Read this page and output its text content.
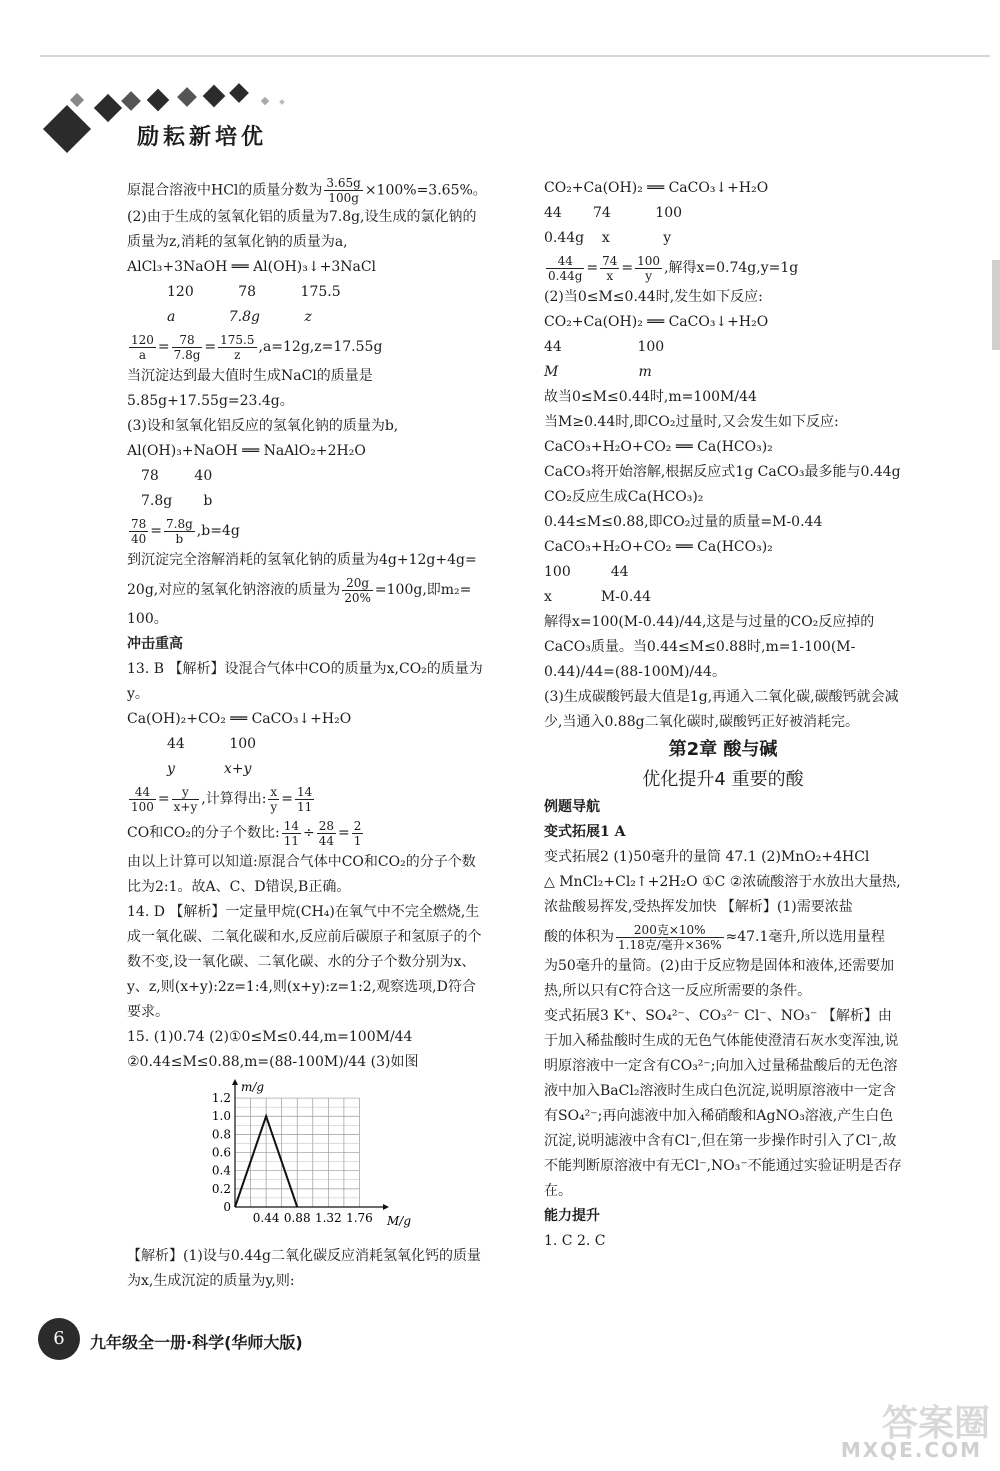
励耘新培优
原混合溶液中HCl的质量分数为 $\frac{3.65g}{100g} \times 100\%=3.65\%$。
(2)由于生成的氢氧化铝的质量为7.8g,设生成的氯化钠的质量为z,消耗的氢氧化钠的质量为a,
AlCl₃+3NaOH ══ Al(OH)₃↓+3NaCl
120          78          175.5
a            7.8g          z
$\frac{120}{a} = \frac{78}{7.8g} = \frac{175.5}{z} ,a=12g,z=17.55g$
当沉淀达到最大值时生成NaCl的质量是5.85g+17.55g=23.4g。
(3)设和氢氧化铝反应的氢氧化钠的质量为b,
Al(OH)₃+NaOH ══ NaAlO₂+2H₂O
78        40
7.8g       b
$\frac{78}{40} = \frac{7.8g}{b} ,b=4g$
到沉淀完全溶解消耗的氢氧化钠的质量为4g+12g+4g=
20g,对应的氢氧化钠溶液的质量为 $\frac{20g}{20\%} =100g$,即m₂=
100。
冲击重高
13. B 【解析】设混合气体中CO的质量为x,CO₂的质量为y。
Ca(OH)₂+CO₂ ══ CaCO₃↓+H₂O
44          100
y           x+y
$\frac{44}{100} = \frac{y}{x+y}$ ,计算得出: $\frac{x}{y} = \frac{14}{11}$
CO和CO₂的分子个数比: $\frac{14}{11} \div \frac{28}{44} = \frac{2}{1}$
由以上计算可以知道:原混合气体中CO和CO₂的分子个数比为2:1。故A、C、D错误,B正确。
14. D 【解析】一定量甲烷(CH₄)在氧气中不完全燃烧,生成一氧化碳、二氧化碳和水,反应前后碳原子和氢原子的个数不变,设一氧化碳、二氧化碳、水的分子个数分别为x、y、z,则(x+y):2z=1:4,则(x+y):z=1:2,观察选项,D符合要求。
15. (1)0.74 (2)①0≤M≤0.44,m=100M/44 ②0.44≤M≤0.88,m=(88-100M)/44 (3)如图
0
0.2
0.4
0.6
0.8
1.0
1.2
0.44 0.88 1.32 1.76
m/g
M/g
【解析】(1)设与0.44g二氧化碳反应消耗氢氧化钙的质量为x,生成沉淀的质量为y,则:
CO₂+Ca(OH)₂ ══ CaCO₃↓+H₂O
44       74          100
0.44g    x            y
$\frac{44}{0.44g} = \frac{74}{x} = \frac{100}{y}$ ,解得x=0.74g,y=1g
(2)当0≤M≤0.44时,发生如下反应:
CO₂+Ca(OH)₂ ══ CaCO₃↓+H₂O
44                 100
M                  m
故当0≤M≤0.44时,m=100M/44
当M≥0.44时,即CO₂过量时,又会发生如下反应:
CaCO₃+H₂O+CO₂ ══ Ca(HCO₃)₂
CaCO₃将开始溶解,根据反应式1g CaCO₃最多能与0.44g CO₂反应生成Ca(HCO₃)₂
0.44≤M≤0.88,即CO₂过量的质量=M-0.44
CaCO₃+H₂O+CO₂ ══ Ca(HCO₃)₂
100         44
x           M-0.44
解得x=100(M-0.44)/44,这是与过量的CO₂反应掉的CaCO₃质量。当0.44≤M≤0.88时,m=1-100(M-0.44)/44=(88-100M)/44。
(3)生成碳酸钙最大值是1g,再通入二氧化碳,碳酸钙就会减少,当通入0.88g二氧化碳时,碳酸钙正好被消耗完。
第2章 酸与碱
优化提升4 重要的酸
例题导航
变式拓展1 A
变式拓展2 (1)50毫升的量筒 47.1 (2)MnO₂+4HCl
△ MnCl₂+Cl₂↑+2H₂O ①C ②浓硫酸溶于水放出大量热,浓盐酸易挥发,受热挥发加快 【解析】(1)需要浓盐
酸的体积为 $\frac{\text{200克×10\%}}{\text{1.18克/毫升×36\%}} \approx 47.1$毫升,所以选用量程
为50毫升的量筒。(2)由于反应物是固体和液体,还需要加热,所以只有C符合这一反应所需要的条件。
变式拓展3 K⁺、SO₄²⁻、CO₃²⁻ Cl⁻、NO₃⁻ 【解析】由于加入稀盐酸时生成的无色气体能使澄清石灰水变浑浊,说明原溶液中一定含有CO₃²⁻;向加入过量稀盐酸后的无色溶液中加入BaCl₂溶液时生成白色沉淀,说明原溶液中一定含有SO₄²⁻;再向滤液中加入稀硝酸和AgNO₃溶液,产生白色沉淀,说明滤液中含有Cl⁻,但在第一步操作时引入了Cl⁻,故不能判断原溶液中有无Cl⁻,NO₃⁻不能通过实验证明是否存在。
能力提升
1. C 2. C
6	九年级全一册·科学(华师大版)
答案圈
MXQE.COM
